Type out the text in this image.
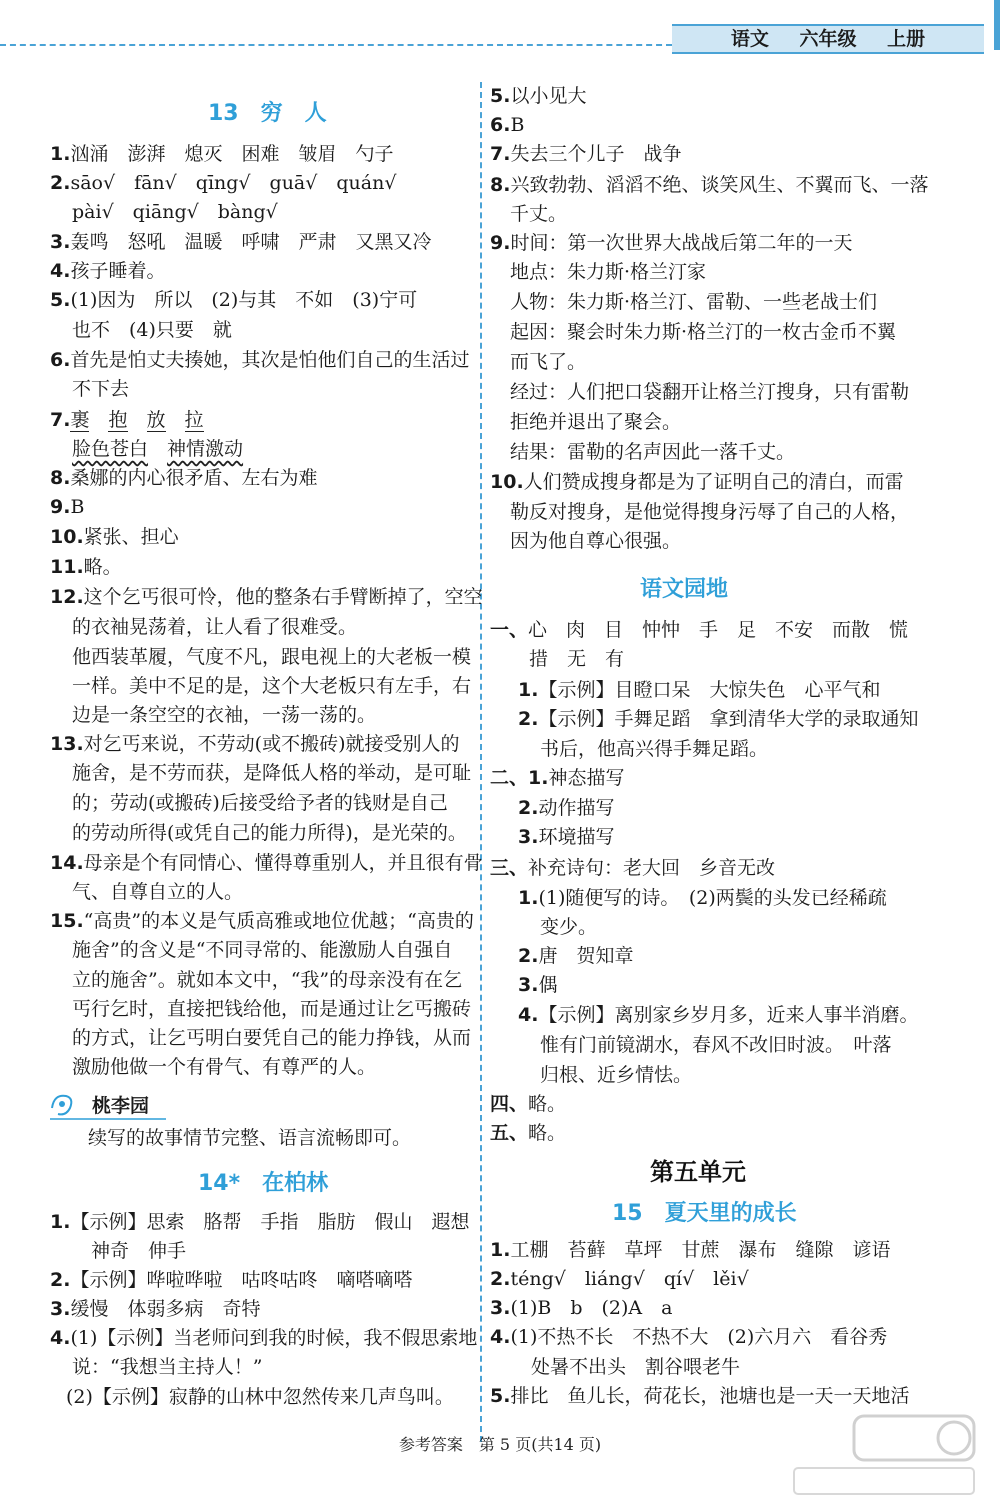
语文 六年级 上册
13　穷　人
1.汹涌　澎湃　熄灭　困难　皱眉　勺子
2.sāo√　fān√　qīng√　guā√　quán√
pài√　qiāng√　bàng√
3.轰鸣　怒吼　温暖　呼啸　严肃　又黑又冷
4.孩子睡着。
5.(1)因为　所以　(2)与其　不如　(3)宁可
也不　(4)只要　就
6.首先是怕丈夫揍她，其次是怕他们自己的生活过
不下去
7.裹　 抱　 放　 拉
脸色苍白　 神情激动
8.桑娜的内心很矛盾、左右为难
9.B
10.紧张、担心
11.略。
12.这个乞丐很可怜，他的整条右手臂断掉了，空空
的衣袖晃荡着，让人看了很难受。
他西装革履，气度不凡，跟电视上的大老板一模
一样。美中不足的是，这个大老板只有左手，右
边是一条空空的衣袖，一荡一荡的。
13.对乞丐来说，不劳动(或不搬砖)就接受别人的
施舍，是不劳而获，是降低人格的举动，是可耻
的；劳动(或搬砖)后接受给予者的钱财是自己
的劳动所得(或凭自己的能力所得)，是光荣的。
14.母亲是个有同情心、懂得尊重别人，并且很有骨
气、自尊自立的人。
15.“高贵”的本义是气质高雅或地位优越；“高贵的
施舍”的含义是“不同寻常的、能激励人自强自
立的施舍”。就如本文中，“我”的母亲没有在乞
丐行乞时，直接把钱给他，而是通过让乞丐搬砖
的方式，让乞丐明白要凭自己的能力挣钱，从而
激励他做一个有骨气、有尊严的人。
桃李园
续写的故事情节完整、语言流畅即可。
14*　在柏林
1.【示例】思索　胳帮　手指　脂肪　假山　遐想
　神奇　伸手
2.【示例】哗啦哗啦　咕咚咕咚　嘀嗒嘀嗒
3.缓慢　体弱多病　奇特
4.(1)【示例】当老师问到我的时候，我不假思索地
说：“我想当主持人！”
(2)【示例】寂静的山林中忽然传来几声鸟叫。
5.以小见大
6.B
7.失去三个儿子　战争
8.兴致勃勃、滔滔不绝、谈笑风生、不翼而飞、一落
千丈。
9.时间：第一次世界大战战后第二年的一天
地点：朱力斯·格兰汀家
人物：朱力斯·格兰汀、雷勒、一些老战士们
起因：聚会时朱力斯·格兰汀的一枚古金币不翼
而飞了。
经过：人们把口袋翻开让格兰汀搜身，只有雷勒
拒绝并退出了聚会。
结果：雷勒的名声因此一落千丈。
10.人们赞成搜身都是为了证明自己的清白，而雷
勒反对搜身，是他觉得搜身污辱了自己的人格，
因为他自尊心很强。
语文园地
一、心　肉　目　忡忡　手　足　不安　而散　慌
　措　无　有
1.【示例】目瞪口呆　大惊失色　心平气和
2.【示例】手舞足蹈　拿到清华大学的录取通知
书后，他高兴得手舞足蹈。
二、1.神态描写
2.动作描写
3.环境描写
三、补充诗句：老大回　乡音无改
1.(1)随便写的诗。　(2)两鬓的头发已经稀疏
变少。
2.唐　贺知章
3.偶
4.【示例】离别家乡岁月多，近来人事半消磨。
惟有门前镜湖水，春风不改旧时波。　叶落
归根、近乡情怯。
四、略。
五、略。
第五单元
15　夏天里的成长
1.工棚　苔藓　草坪　甘蔗　瀑布　缝隙　谚语
2.téng√　liáng√　qí√　lěi√
3.(1)B　b　(2)A　a
4.(1)不热不长　不热不大　(2)六月六　看谷秀
　处暑不出头　割谷喂老牛
5.排比　鱼儿长，荷花长，池塘也是一天一天地活
参考答案　第 5 页(共14 页)
